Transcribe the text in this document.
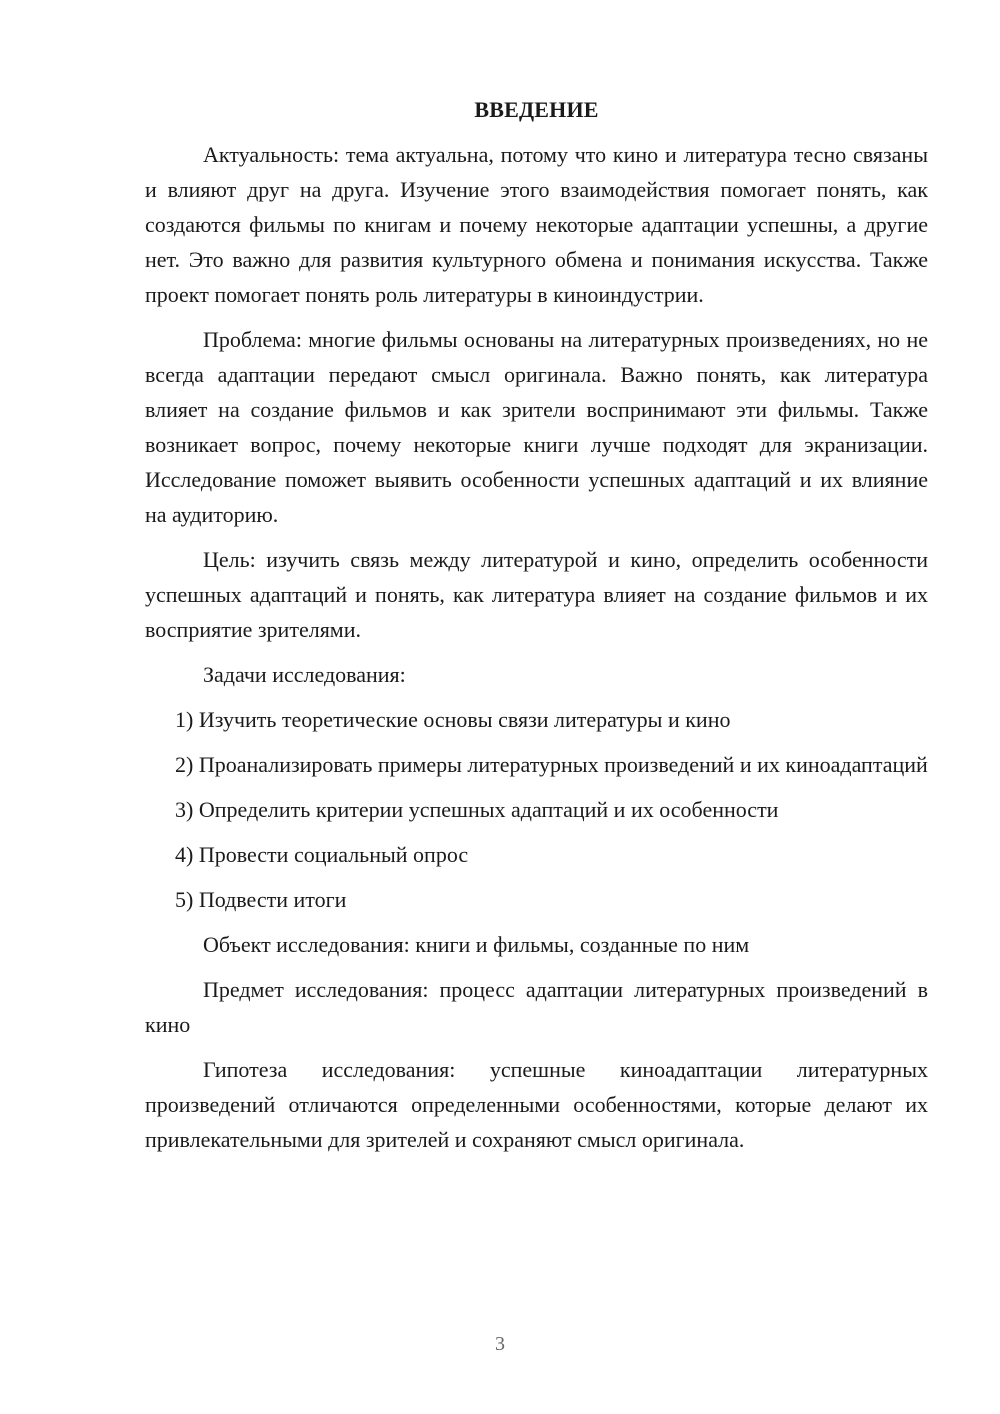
ВВЕДЕНИЕ

Актуальность: тема актуальна, потому что кино и литература тесно связаны и влияют друг на друга. Изучение этого взаимодействия помогает понять, как создаются фильмы по книгам и почему некоторые адаптации успешны, а другие нет. Это важно для развития культурного обмена и понимания искусства. Также проект помогает понять роль литературы в киноиндустрии.

Проблема: многие фильмы основаны на литературных произведениях, но не всегда адаптации передают смысл оригинала. Важно понять, как литература влияет на создание фильмов и как зрители воспринимают эти фильмы. Также возникает вопрос, почему некоторые книги лучше подходят для экранизации. Исследование поможет выявить особенности успешных адаптаций и их влияние на аудиторию.

Цель: изучить связь между литературой и кино, определить особенности успешных адаптаций и понять, как литература влияет на создание фильмов и их восприятие зрителями.

Задачи исследования:

1) Изучить теоретические основы связи литературы и кино

2) Проанализировать примеры литературных произведений и их киноадаптаций

3) Определить критерии успешных адаптаций и их особенности

4) Провести социальный опрос

5) Подвести итоги

Объект исследования: книги и фильмы, созданные по ним

Предмет исследования: процесс адаптации литературных произведений в кино

Гипотеза исследования: успешные киноадаптации литературных произведений отличаются определенными особенностями, которые делают их привлекательными для зрителей и сохраняют смысл оригинала.

3
